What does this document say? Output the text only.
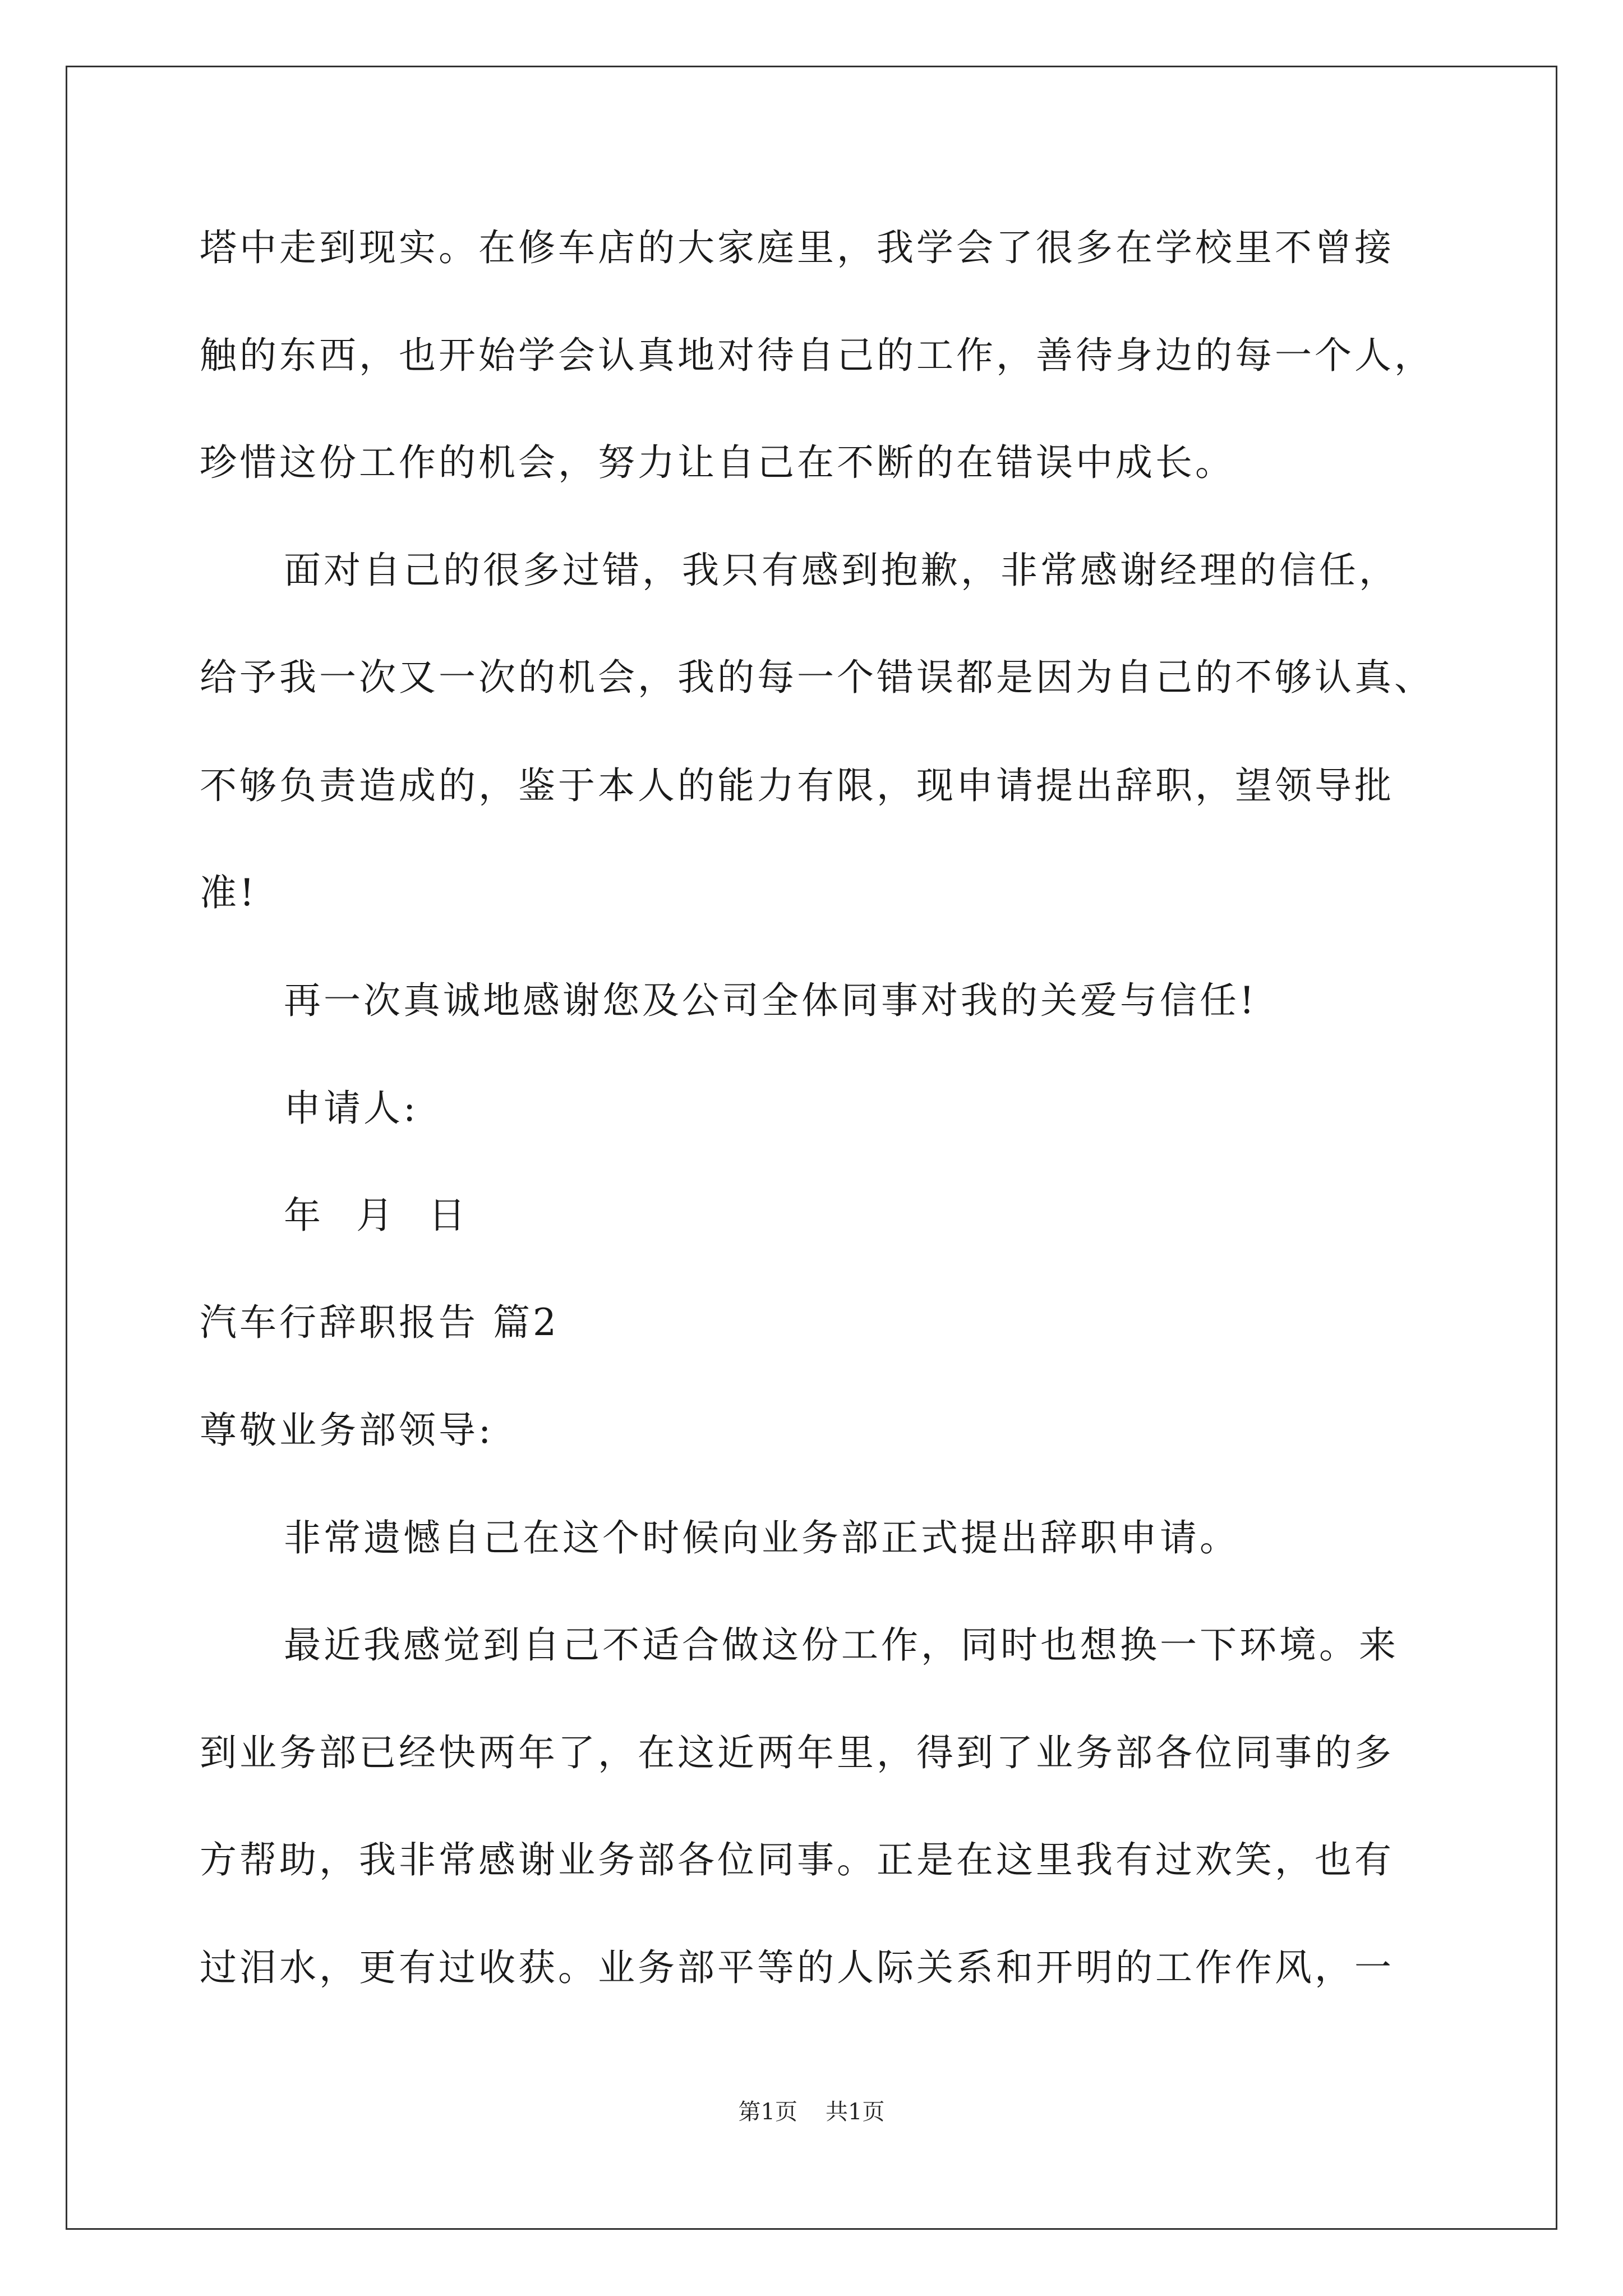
塔中走到现实。在修车店的大家庭里，我学会了很多在学校里不曾接
触的东西，也开始学会认真地对待自己的工作，善待身边的每一个人，
珍惜这份工作的机会，努力让自己在不断的在错误中成长。
面对自己的很多过错，我只有感到抱歉，非常感谢经理的信任，
给予我一次又一次的机会，我的每一个错误都是因为自己的不够认真、
不够负责造成的，鉴于本人的能力有限，现申请提出辞职，望领导批
准!
再一次真诚地感谢您及公司全体同事对我的关爱与信任!
申请人:
年 月 日
汽车行辞职报告 篇2
尊敬业务部领导:
非常遗憾自己在这个时候向业务部正式提出辞职申请。
最近我感觉到自己不适合做这份工作，同时也想换一下环境。来
到业务部已经快两年了，在这近两年里，得到了业务部各位同事的多
方帮助，我非常感谢业务部各位同事。正是在这里我有过欢笑，也有
过泪水，更有过收获。业务部平等的人际关系和开明的工作作风，一
第1页 共1页
